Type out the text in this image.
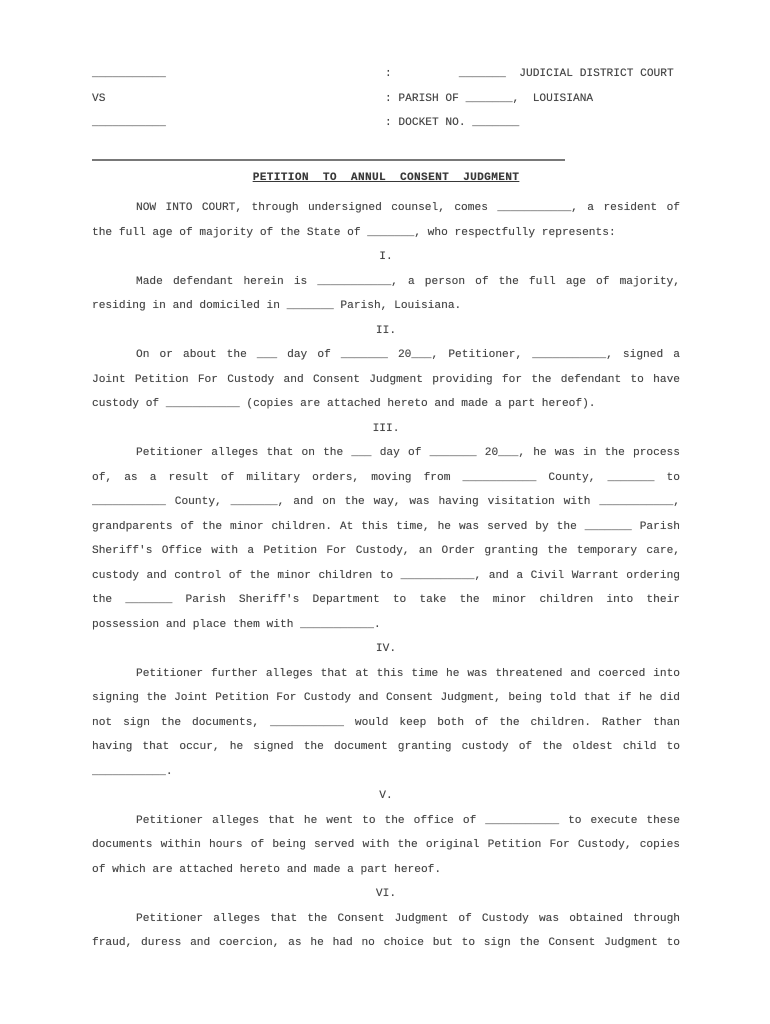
___________	:          _______  JUDICIAL DISTRICT COURT
VS	: PARISH OF _______,  LOUISIANA
___________	: DOCKET NO. _______
PETITION  TO  ANNUL  CONSENT  JUDGMENT
NOW INTO COURT, through undersigned counsel, comes ___________, a resident of
the full age of majority of the State of _______, who respectfully represents:
I.
Made defendant herein is ___________, a person of the full age of majority,
residing in and domiciled in _______ Parish, Louisiana.
II.
On or about the ___ day of _______ 20___, Petitioner, ___________, signed a
Joint Petition For Custody and Consent Judgment providing for the defendant to have
custody of ___________ (copies are attached hereto and made a part hereof).
III.
Petitioner alleges that on the ___ day of _______ 20___, he was in the process
of, as a result of military orders, moving from ___________ County, _______ to
___________ County, _______, and on the way, was having visitation with ___________,
grandparents of the minor children. At this time, he was served by the _______ Parish
Sheriff's Office with a Petition For Custody, an Order granting the temporary care,
custody and control of the minor children to ___________, and a Civil Warrant ordering
the _______ Parish Sheriff's Department to take the minor children into their
possession and place them with ___________.
IV.
Petitioner further alleges that at this time he was threatened and coerced into
signing the Joint Petition For Custody and Consent Judgment, being told that if he did
not sign the documents, ___________ would keep both of the children. Rather than
having that occur, he signed the document granting custody of the oldest child to
___________.
V.
Petitioner alleges that he went to the office of ___________ to execute these
documents within hours of being served with the original Petition For Custody, copies
of which are attached hereto and made a part hereof.
VI.
Petitioner alleges that the Consent Judgment of Custody was obtained through
fraud, duress and coercion, as he had no choice but to sign the Consent Judgment to
